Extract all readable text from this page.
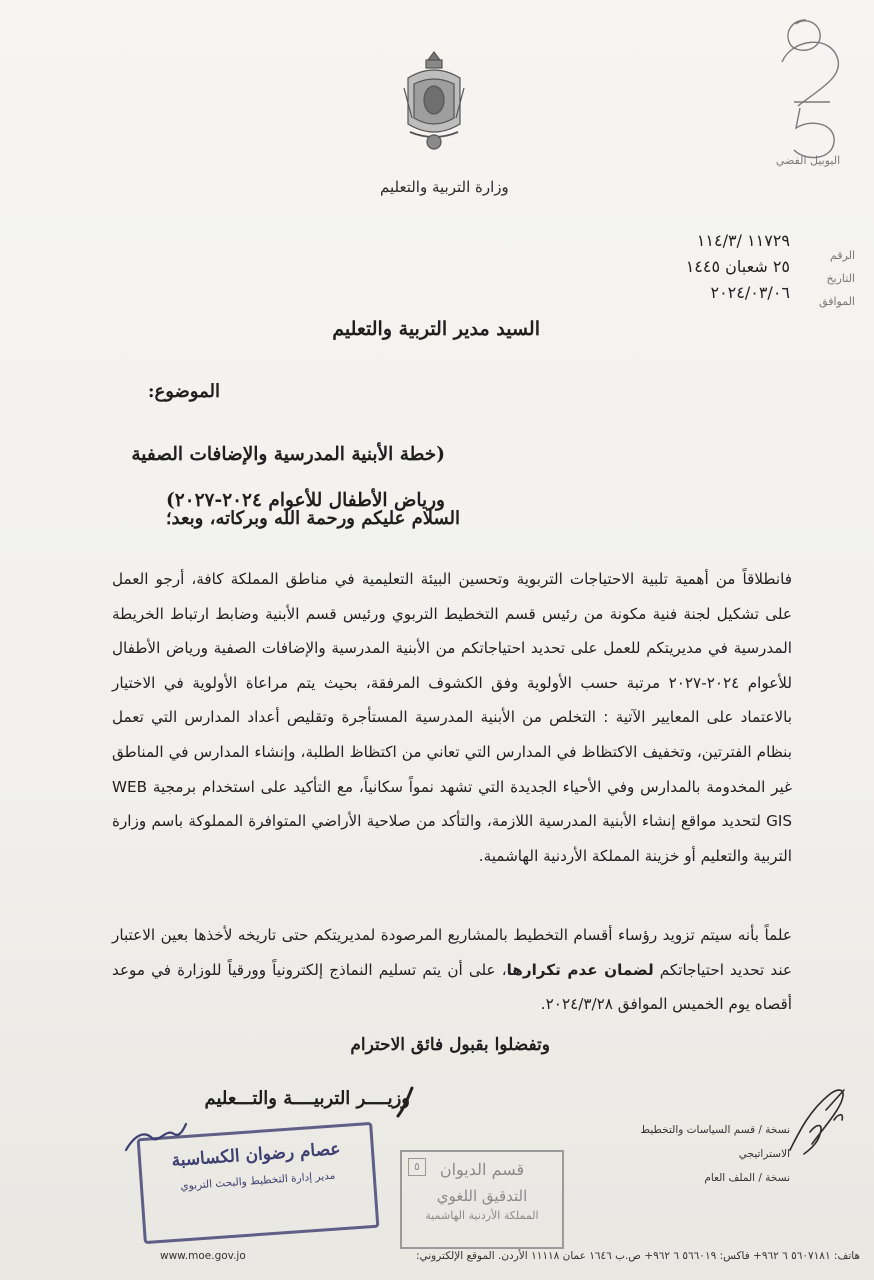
وزارة التربية والتعليم
اليوبيل الفضي
١١٧٢٩ /١١٤/٣
٢٥ شعبان ١٤٤٥
٢٠٢٤/٠٣/٠٦
الرقم
التاريخ
الموافق
السيد مدير التربية والتعليم
الموضوع:
(خطة الأبنية المدرسية والإضافات الصفية
ورياض الأطفال للأعوام ٢٠٢٤-٢٠٢٧)
السلام عليكم ورحمة الله وبركاته، وبعد؛
فانطلاقاً من أهمية تلبية الاحتياجات التربوية وتحسين البيئة التعليمية في مناطق المملكة كافة، أرجو العمل على تشكيل لجنة فنية مكونة من رئيس قسم التخطيط التربوي ورئيس قسم الأبنية وضابط ارتباط الخريطة المدرسية في مديريتكم للعمل على تحديد احتياجاتكم من الأبنية المدرسية والإضافات الصفية ورياض الأطفال للأعوام ٢٠٢٤-٢٠٢٧ مرتبة حسب الأولوية وفق الكشوف المرفقة، بحيث يتم مراعاة الأولوية في الاختيار بالاعتماد على المعايير الآتية : التخلص من الأبنية المدرسية المستأجرة وتقليص أعداد المدارس التي تعمل بنظام الفترتين، وتخفيف الاكتظاظ في المدارس التي تعاني من اكتظاظ الطلبة، وإنشاء المدارس في المناطق غير المخدومة بالمدارس وفي الأحياء الجديدة التي تشهد نمواً سكانياً، مع التأكيد على استخدام برمجية WEB GIS لتحديد مواقع إنشاء الأبنية المدرسية اللازمة، والتأكد من صلاحية الأراضي المتوافرة المملوكة باسم وزارة التربية والتعليم أو خزينة المملكة الأردنية الهاشمية.
علماً بأنه سيتم تزويد رؤساء أقسام التخطيط بالمشاريع المرصودة لمديريتكم حتى تاريخه لأخذها بعين الاعتبار عند تحديد احتياجاتكم لضمان عدم تكرارها، على أن يتم تسليم النماذج إلكترونياً وورقياً للوزارة في موعد أقصاه يوم الخميس الموافق ٢٠٢٤/٣/٢٨.
وتفضلوا بقبول فائق الاحترام
وزيــــر التربيــــة والتـــعليم
نسخة / قسم السياسات والتخطيط الاستراتيجي
نسخة / الملف العام
عصام رضوان الكساسبة
مدير إدارة التخطيط والبحث التربوي
٥	قسم الديوان
التدقيق اللغوي
المملكة الأردنية الهاشمية
هاتف: ٥٦٠٧١٨١ ٦ ٩٦٢+ فاكس: ٥٦٦٠١٩ ٦ ٩٦٢+ ص.ب ١٦٤٦ عمان ١١١١٨ الأردن. الموقع الإلكتروني:
www.moe.gov.jo
